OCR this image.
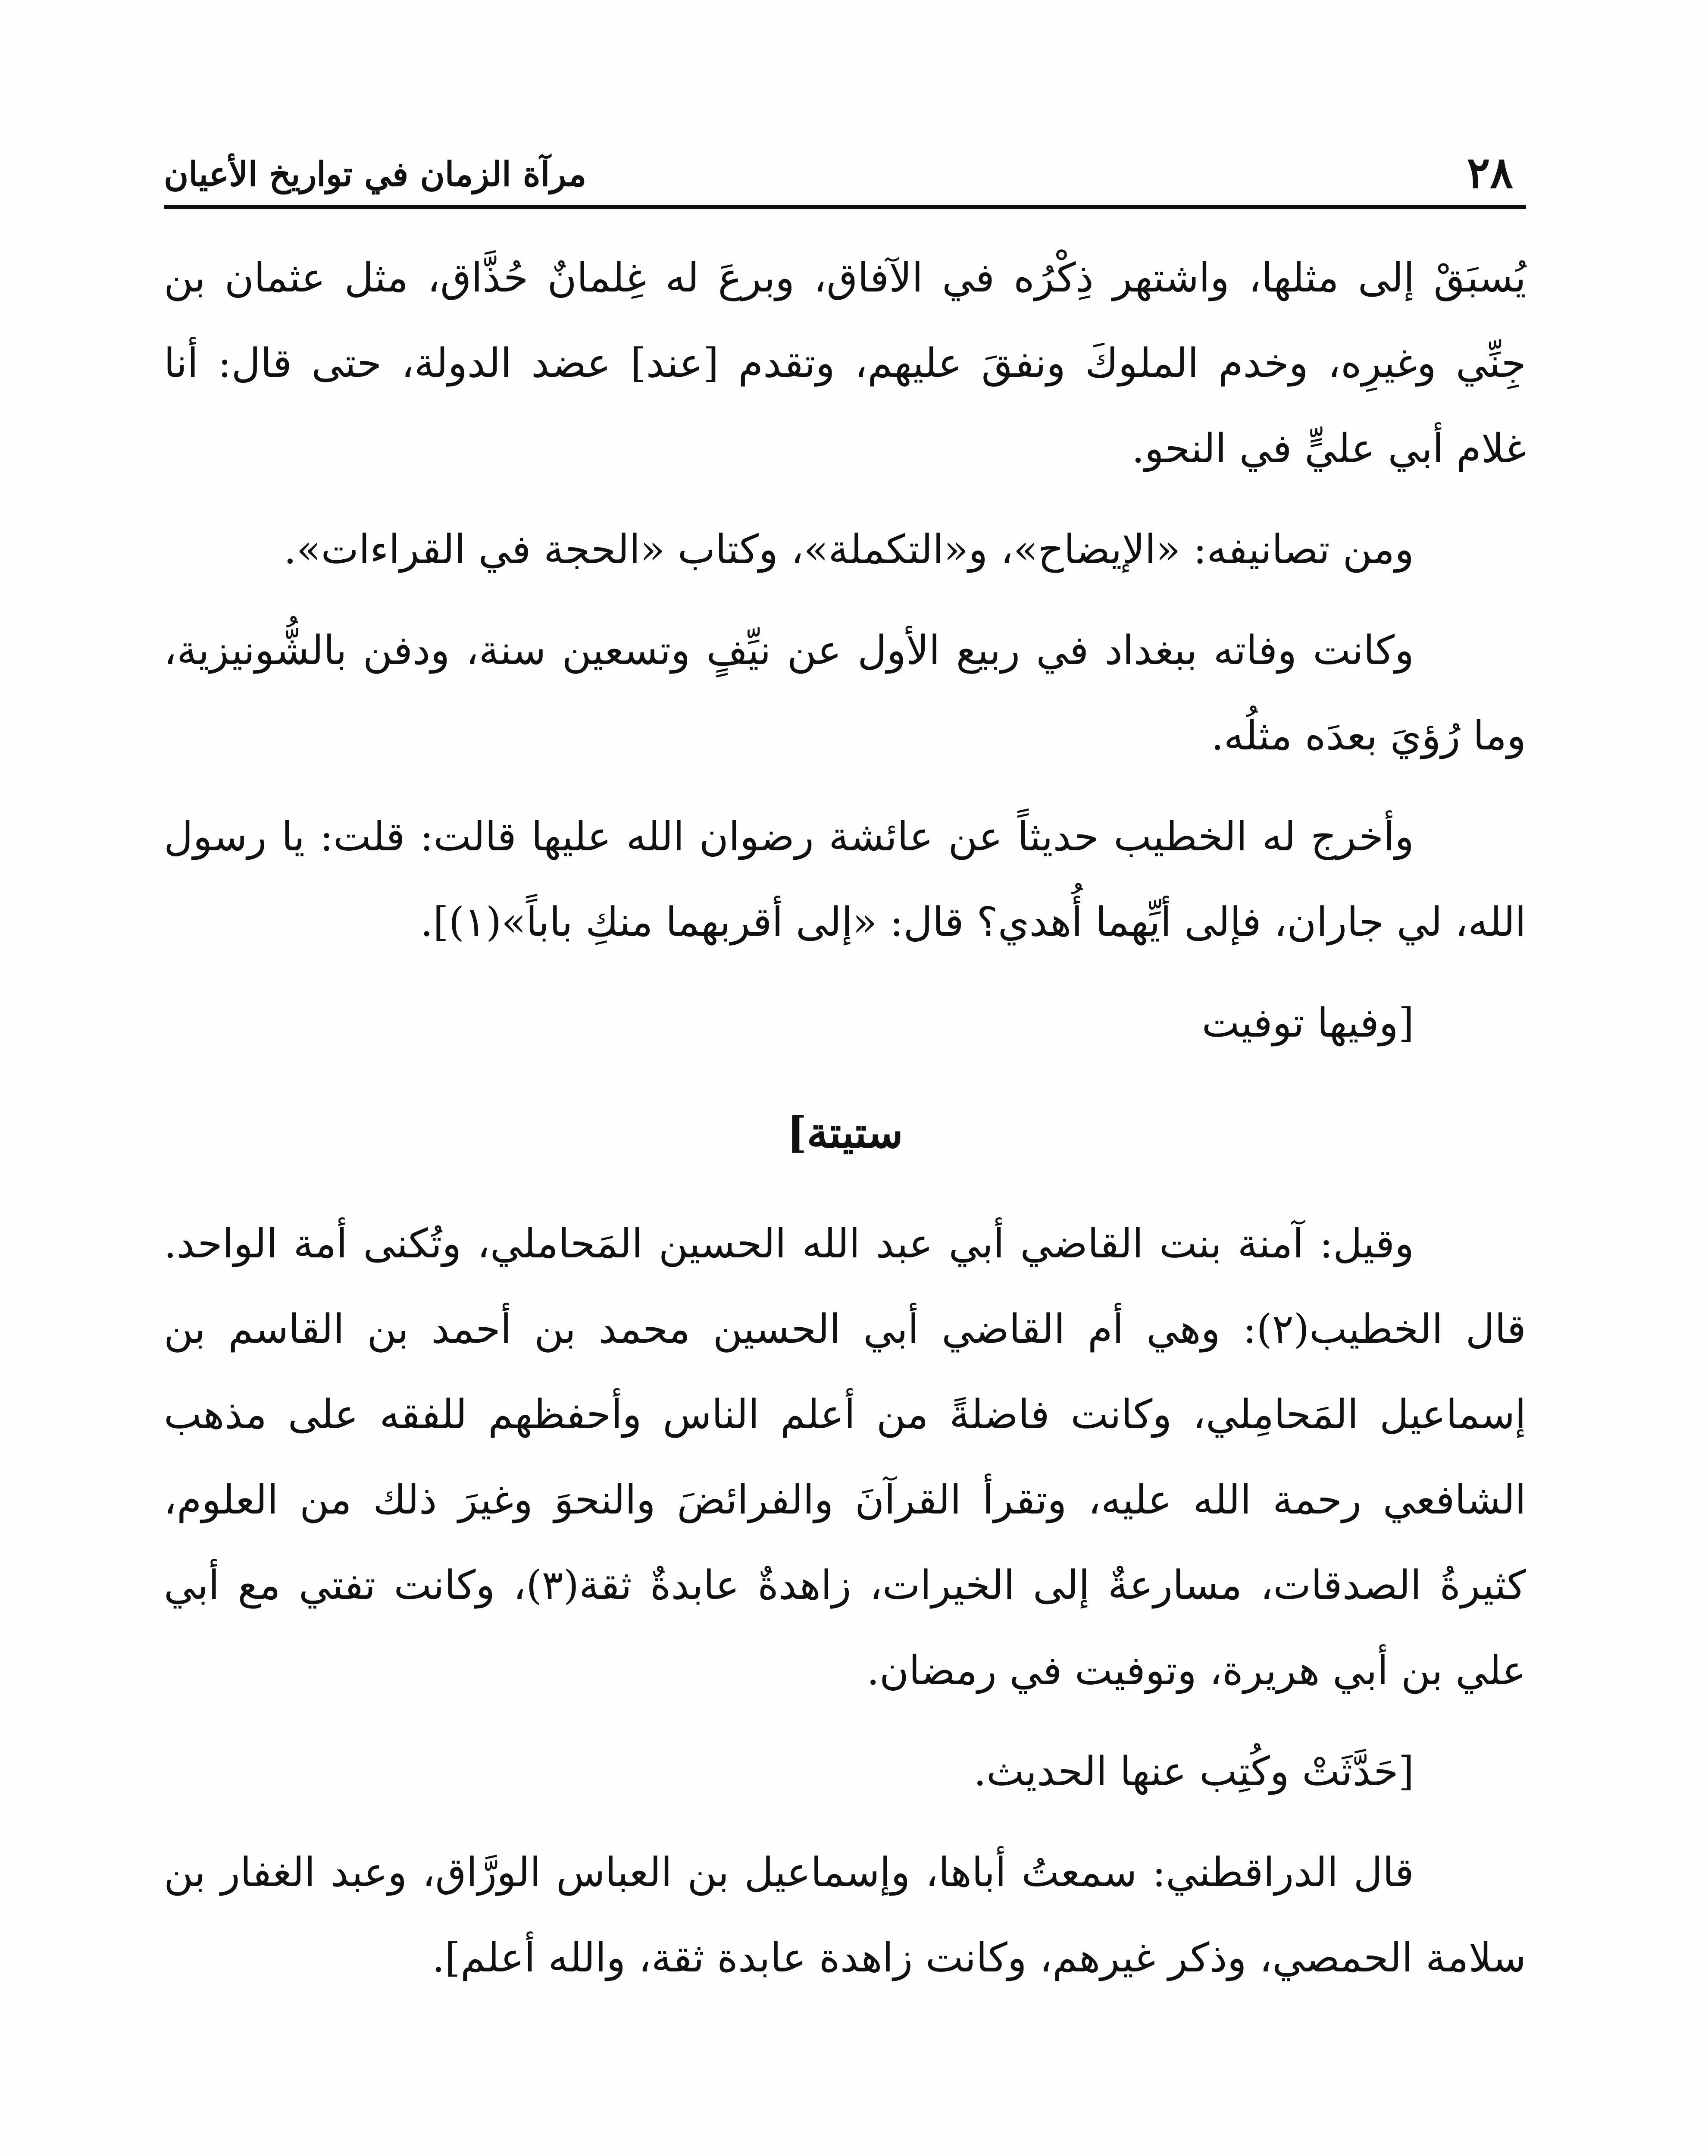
٢٨
مرآة الزمان في تواريخ الأعيان

يُسبَقْ إلى مثلها، واشتهر ذِكْرُه في الآفاق، وبرعَ له غِلمانٌ حُذَّاق، مثل عثمان بن جِنِّي وغيرِه، وخدم الملوكَ ونفقَ عليهم، وتقدم [عند] عضد الدولة، حتى قال: أنا غلام أبي عليٍّ في النحو.

ومن تصانيفه: «الإيضاح»، و«التكملة»، وكتاب «الحجة في القراءات».

وكانت وفاته ببغداد في ربيع الأول عن نيِّفٍ وتسعين سنة، ودفن بالشُّونيزية، وما رُؤيَ بعدَه مثلُه.

وأخرج له الخطيب حديثاً عن عائشة رضوان الله عليها قالت: قلت: يا رسول الله، لي جاران، فإلى أيِّهما أُهدي؟ قال: «إلى أقربهما منكِ باباً»(١)].

[وفيها توفيت

ستيتة]

وقيل: آمنة بنت القاضي أبي عبد الله الحسين المَحاملي، وتُكنى أمة الواحد. قال الخطيب(٢): وهي أم القاضي أبي الحسين محمد بن أحمد بن القاسم بن إسماعيل المَحامِلي، وكانت فاضلةً من أعلم الناس وأحفظهم للفقه على مذهب الشافعي رحمة الله عليه، وتقرأ القرآنَ والفرائضَ والنحوَ وغيرَ ذلك من العلوم، كثيرةُ الصدقات، مسارعةٌ إلى الخيرات، زاهدةٌ عابدةٌ ثقة(٣)، وكانت تفتي مع أبي علي بن أبي هريرة، وتوفيت في رمضان.

[حَدَّثَتْ وكُتِب عنها الحديث.

قال الدراقطني: سمعتُ أباها، وإسماعيل بن العباس الورَّاق، وعبد الغفار بن سلامة الحمصي، وذكر غيرهم، وكانت زاهدة عابدة ثقة، والله أعلم].
